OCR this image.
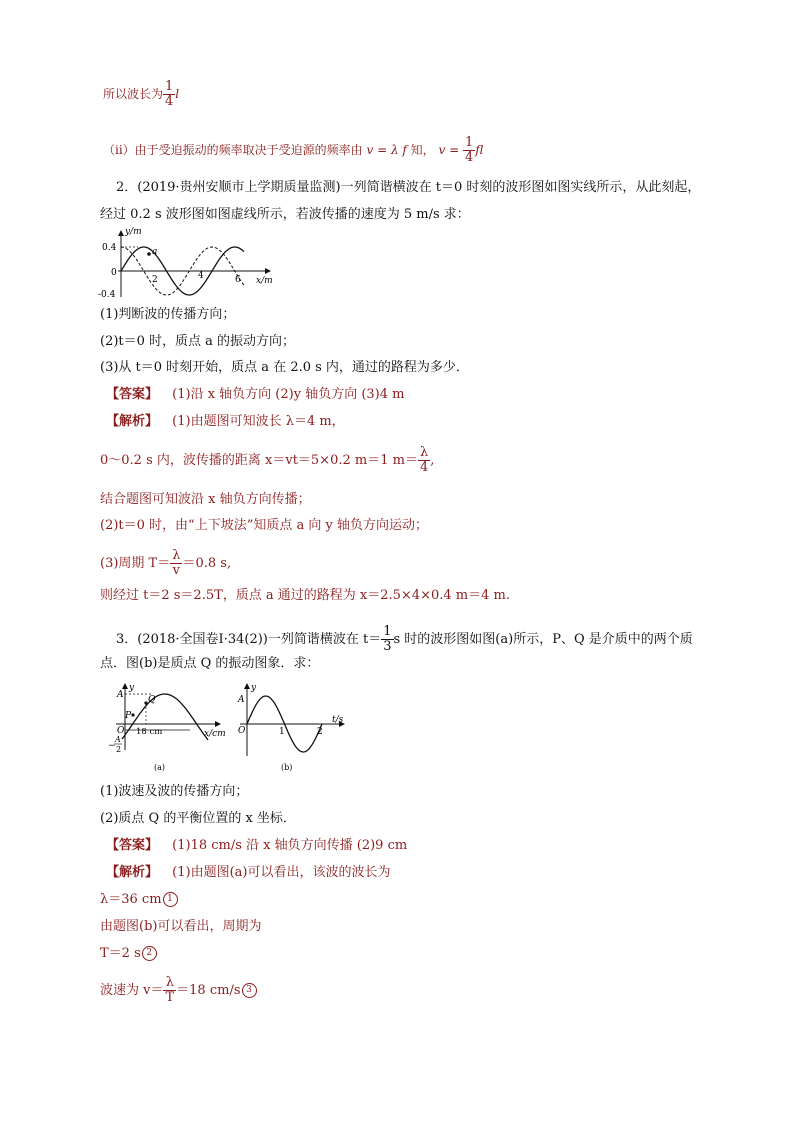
所以波长为 $\frac{1}{4}$ l
（ii）由于受迫振动的频率取决于受迫源的频率由 v = λ f 知， $v = \frac{1}{4}$ fl
2．(2019·贵州安顺市上学期质量监测)一列简谐横波在 t＝0 时刻的波形图如图实线所示，从此刻起，
经过 0.2 s 波形图如图虚线所示，若波传播的速度为 5 m/s 求：
y/m
x/m
0.4
0
-0.4
2	4	6
a
(1)判断波的传播方向；
(2)t＝0 时，质点 a 的振动方向；
(3)从 t＝0 时刻开始，质点 a 在 2.0 s 内，通过的路程为多少．
【答案】 (1)沿 x 轴负方向 (2)y 轴负方向 (3)4 m
【解析】 (1)由题图可知波长 λ＝4 m，
0～0.2 s 内，波传播的距离 x＝vt＝5×0.2 m＝1 $m= \frac{\lambda}{4}$ ,
结合题图可知波沿 x 轴负方向传播；
(2)t＝0 时，由“上下坡法”知质点 a 向 y 轴负方向运动；
(3)周期 $T= \frac{\lambda}{v} =0.8$ s,
则经过 t＝2 s＝2.5T，质点 a 通过的路程为 x＝2.5×4×0.4 m＝4 m.
3．(2018·全国卷Ⅰ·34(2))一列简谐横波在 $t= \frac{1}{3}$ s 时的波形图如图(a)所示，P、Q 是介质中的两个质
点．图(b)是质点 Q 的振动图象．求：
y
x/cm
A
O
P
Q
−
A
2
18 cm
(a)
y
t/s
A
O	1	2
(b)
(1)波速及波的传播方向；
(2)质点 Q 的平衡位置的 x 坐标．
【答案】 (1)18 cm/s 沿 x 轴负方向传播 (2)9 cm
【解析】 (1)由题图(a)可以看出，该波的波长为
λ＝36 cm 1
由题图(b)可以看出，周期为
T＝2 s 2
波速为 $v= \frac{\lambda}{T} =18$ cm/s 3
